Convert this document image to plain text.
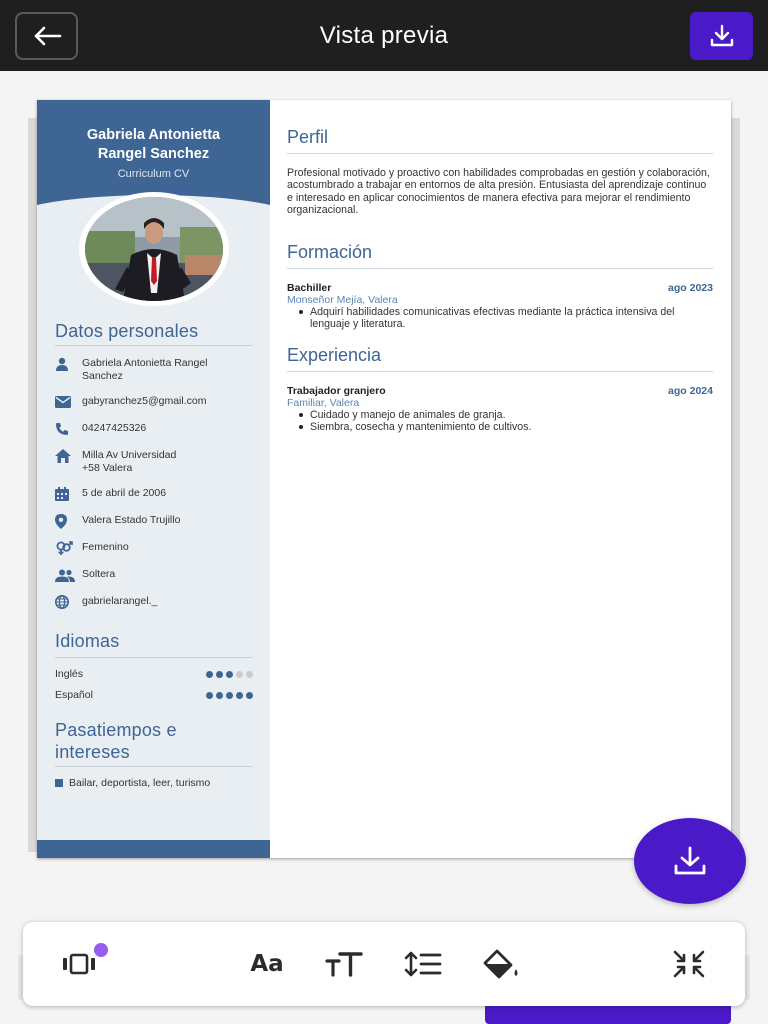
Vista previa
Gabriela Antonietta
Rangel Sanchez
Curriculum CV
Datos personales
Gabriela Antonietta Rangel
Sanchez
gabyranchez5@gmail.com
04247425326
Milla Av Universidad
+58 Valera
5 de abril de 2006
Valera Estado Trujillo
Femenino
Soltera
gabrielarangel._
Idiomas
Inglés
Español
Pasatiempos e
intereses
Bailar, deportista, leer, turismo
Perfil
Profesional motivado y proactivo con habilidades comprobadas en gestión y colaboración, acostumbrado a trabajar en entornos de alta presión. Entusiasta del aprendizaje continuo e interesado en aplicar conocimientos de manera efectiva para mejorar el rendimiento organizacional.
Formación
Bachiller	ago 2023
Monseñor Mejía, Valera
Adquirí habilidades comunicativas efectivas mediante la práctica intensiva del lenguaje y literatura.
Experiencia
Trabajador granjero	ago 2024
Familiar, Valera
Cuidado y manejo de animales de granja.
Siembra, cosecha y mantenimiento de cultivos.
Aa
